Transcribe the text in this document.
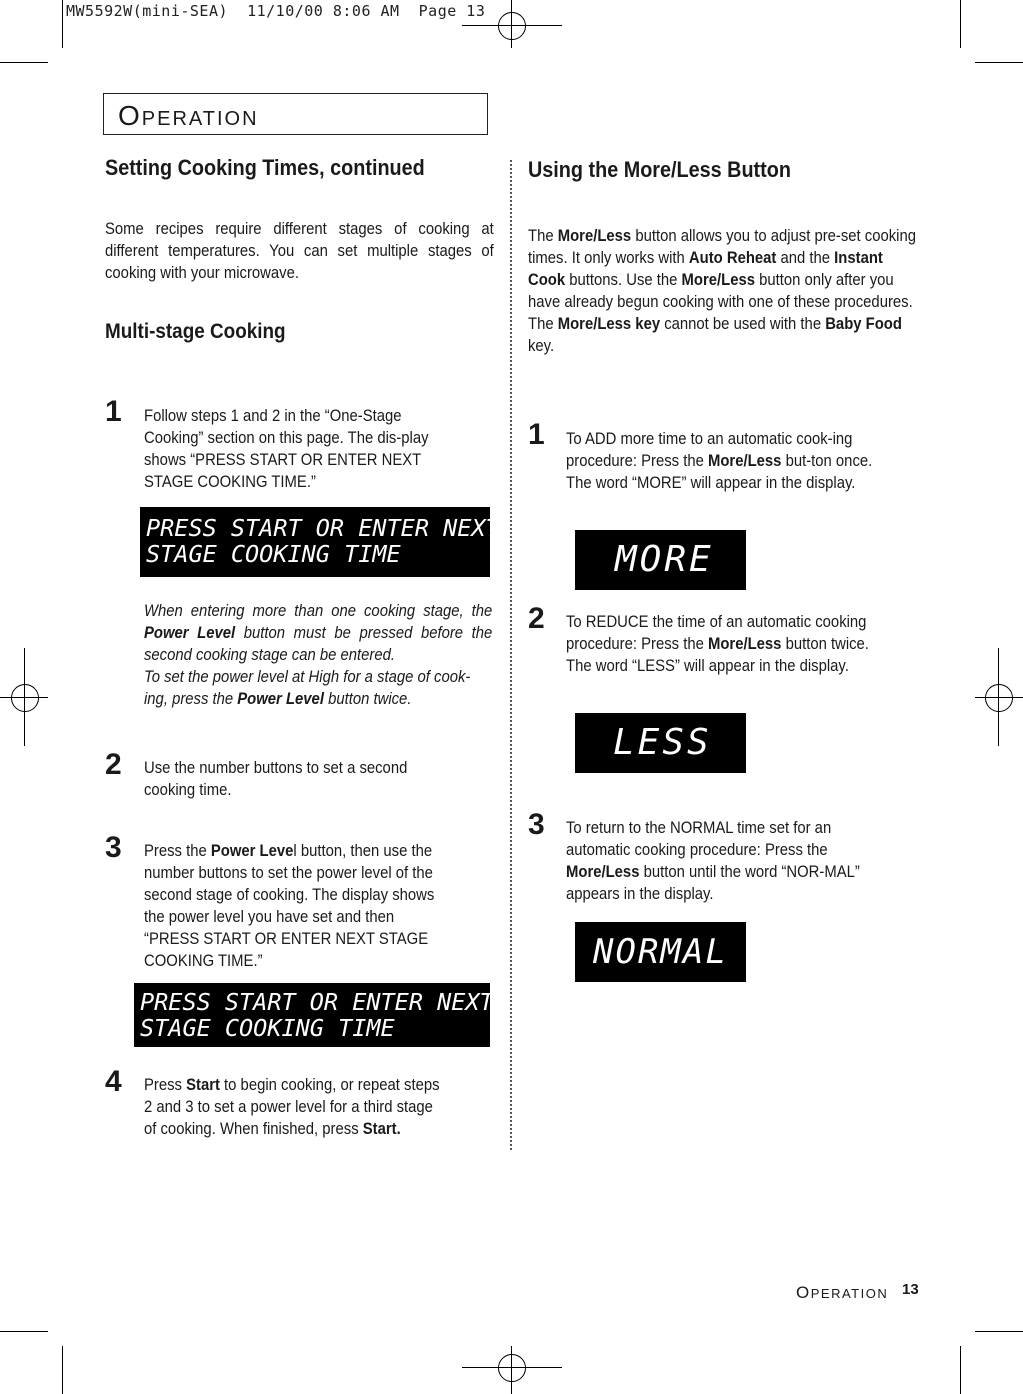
MW5592W(mini-SEA)  11/10/00 8:06 AM  Page 13
OPERATION
Setting Cooking Times, continued
Some recipes require different stages of cooking at different temperatures. You can set multiple stages of cooking with your microwave.
Multi-stage Cooking
1 Follow steps 1 and 2 in the “One-Stage Cooking” section on this page. The dis-play shows “PRESS START OR ENTER NEXT STAGE COOKING TIME.”
PRESS START OR ENTER NEXT
STAGE COOKING TIME
When entering more than one cooking stage, the Power Level button must be pressed before the second cooking stage can be entered.
To set the power level at High for a stage of cook-ing, press the Power Level button twice.
2 Use the number buttons to set a second cooking time.
3 Press the Power Level button, then use the number buttons to set the power level of the second stage of cooking. The display shows the power level you have set and then “PRESS START OR ENTER NEXT STAGE COOKING TIME.”
PRESS START OR ENTER NEXT
STAGE COOKING TIME
4 Press Start to begin cooking, or repeat steps 2 and 3 to set a power level for a third stage of cooking. When finished, press Start.
Using the More/Less Button
The More/Less button allows you to adjust pre-set cooking times. It only works with Auto Reheat and the Instant Cook buttons. Use the More/Less button only after you have already begun cooking with one of these procedures.
The More/Less key cannot be used with the Baby Food key.
1 To ADD more time to an automatic cook-ing procedure: Press the More/Less but-ton once. The word “MORE” will appear in the display.
MORE
2 To REDUCE the time of an automatic cooking procedure: Press the More/Less button twice. The word “LESS” will appear in the display.
LESS
3 To return to the NORMAL time set for an automatic cooking procedure: Press the More/Less button until the word “NOR-MAL” appears in the display.
NORMAL
OPERATION 13
